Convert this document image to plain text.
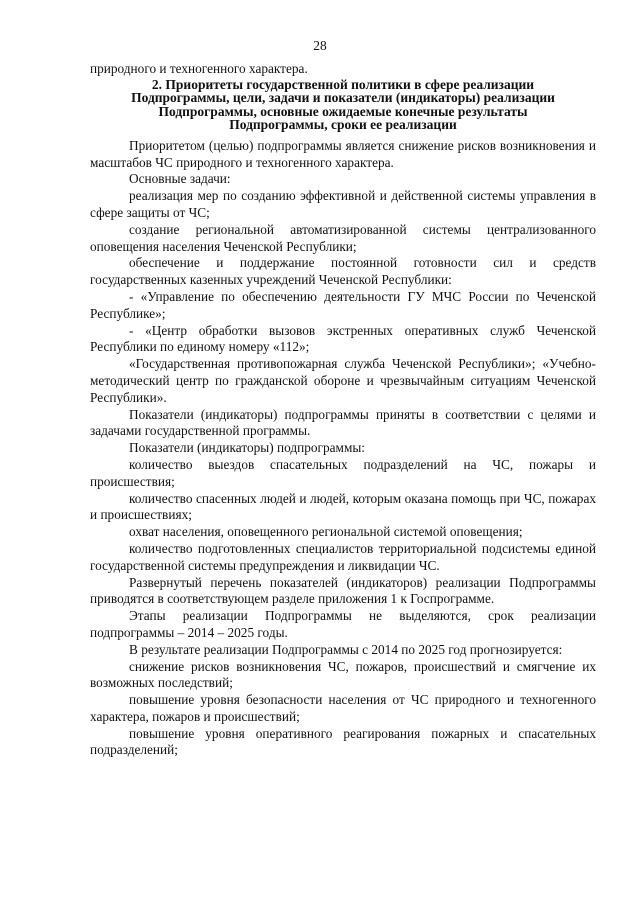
28

природного и техногенного характера.

2. Приоритеты государственной политики в сфере реализации

Подпрограммы, цели, задачи и показатели (индикаторы) реализации

Подпрограммы, основные ожидаемые конечные результаты

Подпрограммы, сроки ее реализации

Приоритетом (целью) подпрограммы является снижение рисков возникновения и масштабов ЧС природного и техногенного характера.

Основные задачи:

реализация мер по созданию эффективной и действенной системы управления в сфере защиты от ЧС;

создание региональной автоматизированной системы централизованного оповещения населения Чеченской Республики;

обеспечение и поддержание постоянной готовности сил и средств государственных казенных учреждений Чеченской Республики:

- «Управление по обеспечению деятельности ГУ МЧС России по Чеченской Республике»;

- «Центр обработки вызовов экстренных оперативных служб Чеченской Республики по единому номеру «112»;

«Государственная противопожарная служба Чеченской Республики»; «Учебно-методический центр по гражданской обороне и чрезвычайным ситуациям Чеченской Республики».

Показатели (индикаторы) подпрограммы приняты в соответствии с целями и задачами государственной программы.

Показатели (индикаторы) подпрограммы:

количество выездов спасательных подразделений на ЧС, пожары и происшествия;

количество спасенных людей и людей, которым оказана помощь при ЧС, пожарах и происшествиях;

охват населения, оповещенного региональной системой оповещения;

количество подготовленных специалистов территориальной подсистемы единой государственной системы предупреждения и ликвидации ЧС.

Развернутый перечень показателей (индикаторов) реализации Подпрограммы приводятся в соответствующем разделе приложения 1 к Госпрограмме.

Этапы реализации Подпрограммы не выделяются, срок реализации подпрограммы – 2014 – 2025 годы.

В результате реализации Подпрограммы с 2014 по 2025 год прогнозируется:

снижение рисков возникновения ЧС, пожаров, происшествий и смягчение их возможных последствий;

повышение уровня безопасности населения от ЧС природного и техногенного характера, пожаров и происшествий;

повышение уровня оперативного реагирования пожарных и спасательных подразделений;
